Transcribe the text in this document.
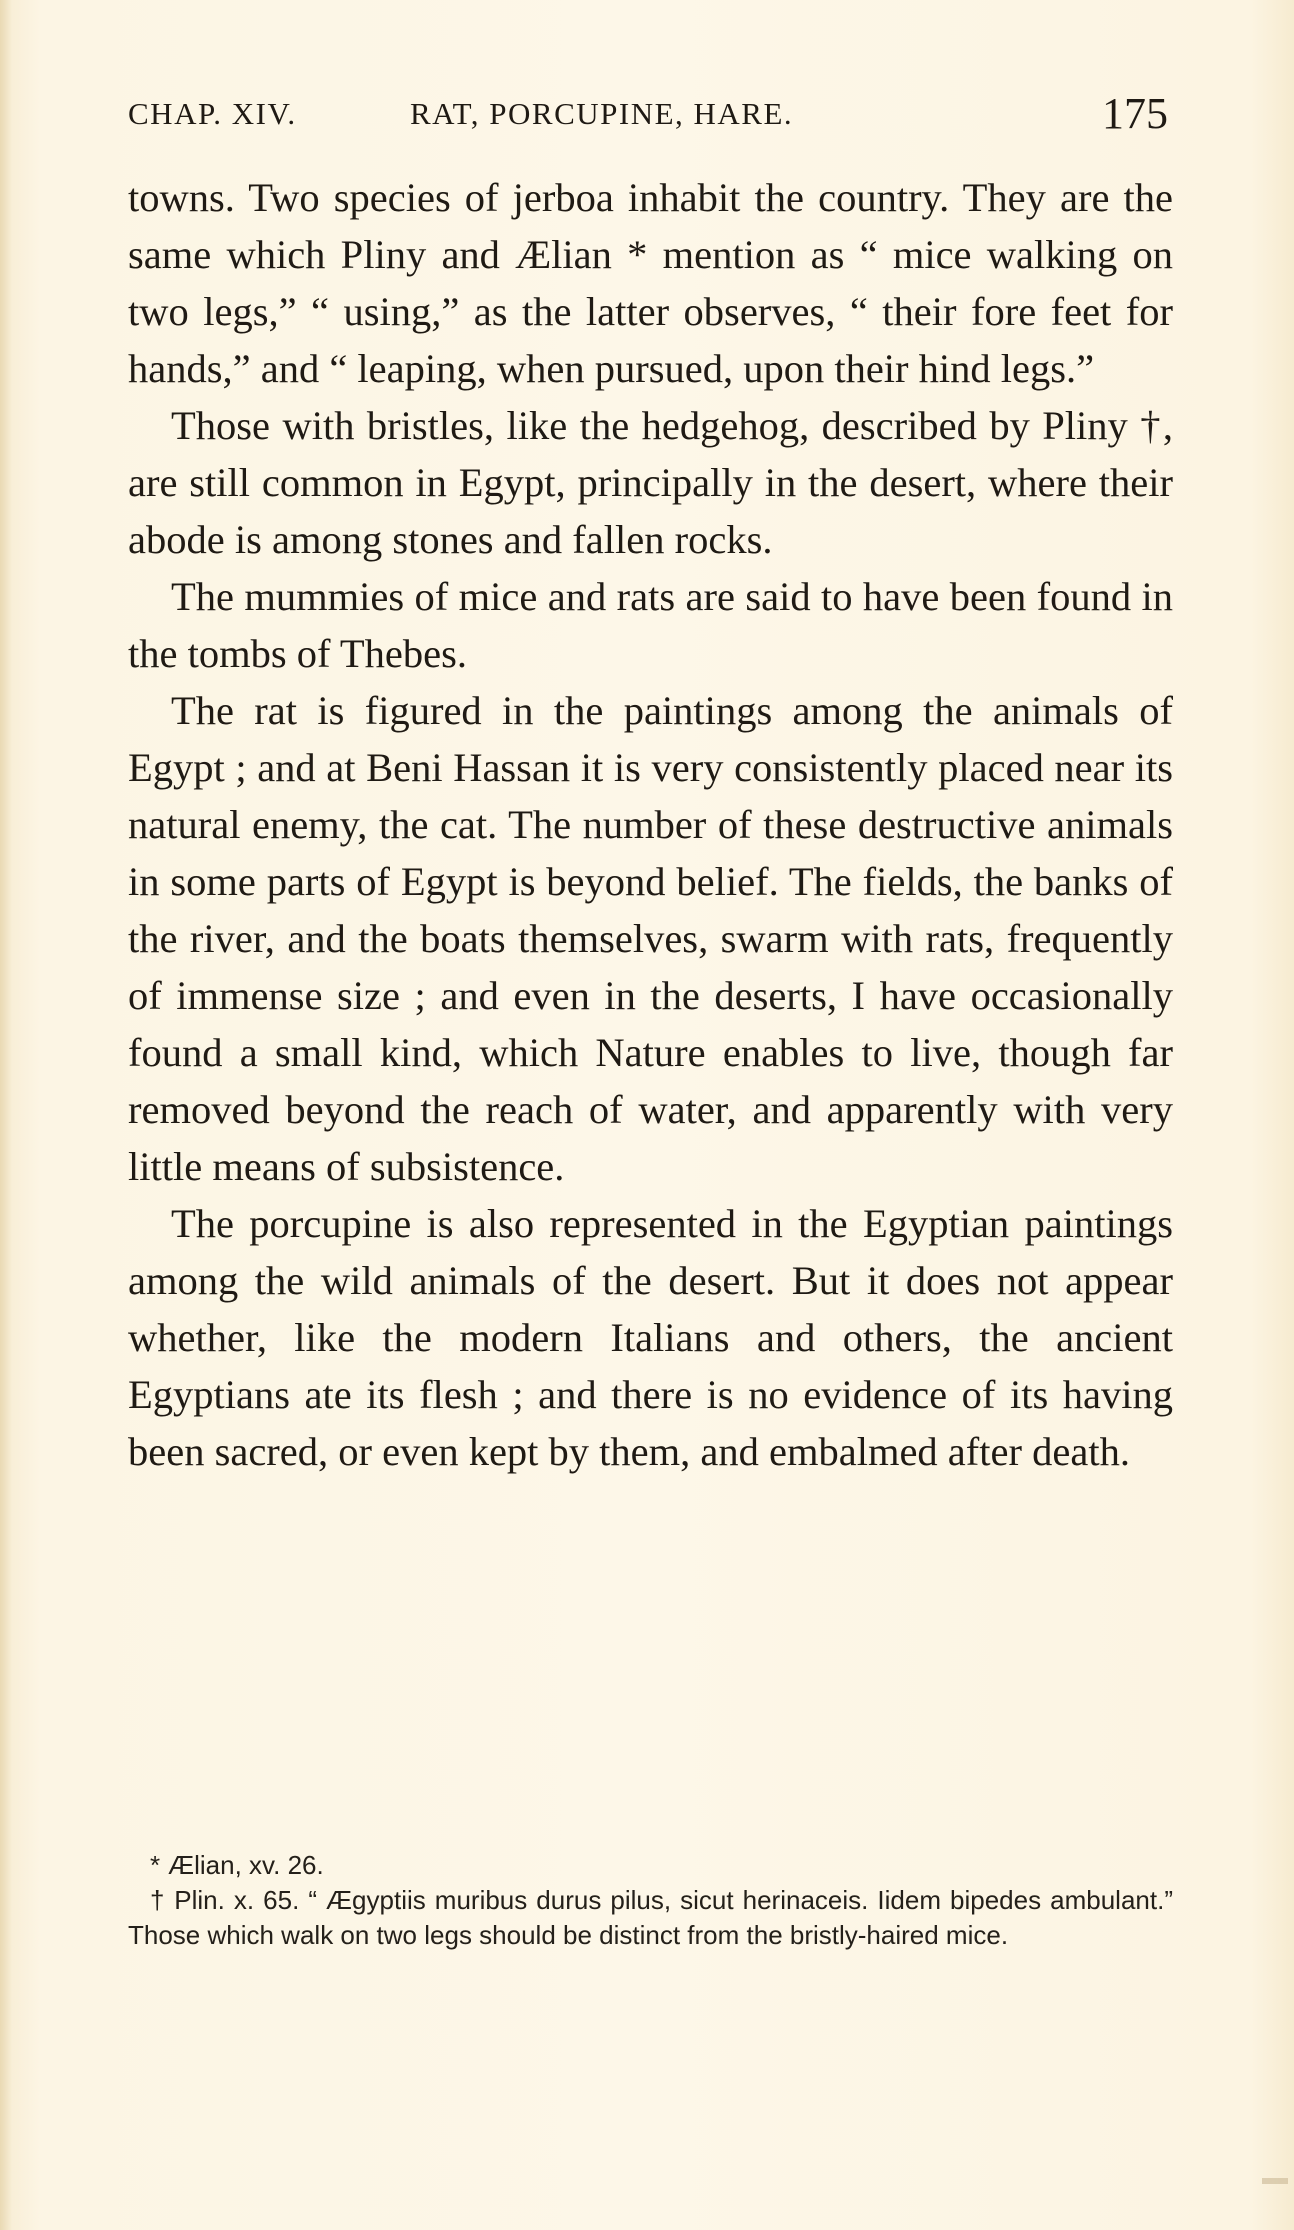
CHAP. XIV.	RAT, PORCUPINE, HARE.	175

towns. Two species of jerboa inhabit the country. They are the same which Pliny and Ælian * mention as “ mice walking on two legs,” “ using,” as the latter observes, “ their fore feet for hands,” and “ leaping, when pursued, upon their hind legs.”

Those with bristles, like the hedgehog, described by Pliny †, are still common in Egypt, principally in the desert, where their abode is among stones and fallen rocks.

The mummies of mice and rats are said to have been found in the tombs of Thebes.

The rat is figured in the paintings among the animals of Egypt ; and at Beni Hassan it is very consistently placed near its natural enemy, the cat. The number of these destructive animals in some parts of Egypt is beyond belief. The fields, the banks of the river, and the boats themselves, swarm with rats, frequently of immense size ; and even in the deserts, I have occasionally found a small kind, which Nature enables to live, though far removed beyond the reach of water, and apparently with very little means of subsistence.

The porcupine is also represented in the Egyptian paintings among the wild animals of the desert. But it does not appear whether, like the modern Italians and others, the ancient Egyptians ate its flesh ; and there is no evidence of its having been sacred, or even kept by them, and embalmed after death.

* Ælian, xv. 26.

† Plin. x. 65. “ Ægyptiis muribus durus pilus, sicut herinaceis. Iidem bipedes ambulant.” Those which walk on two legs should be distinct from the bristly-haired mice.
